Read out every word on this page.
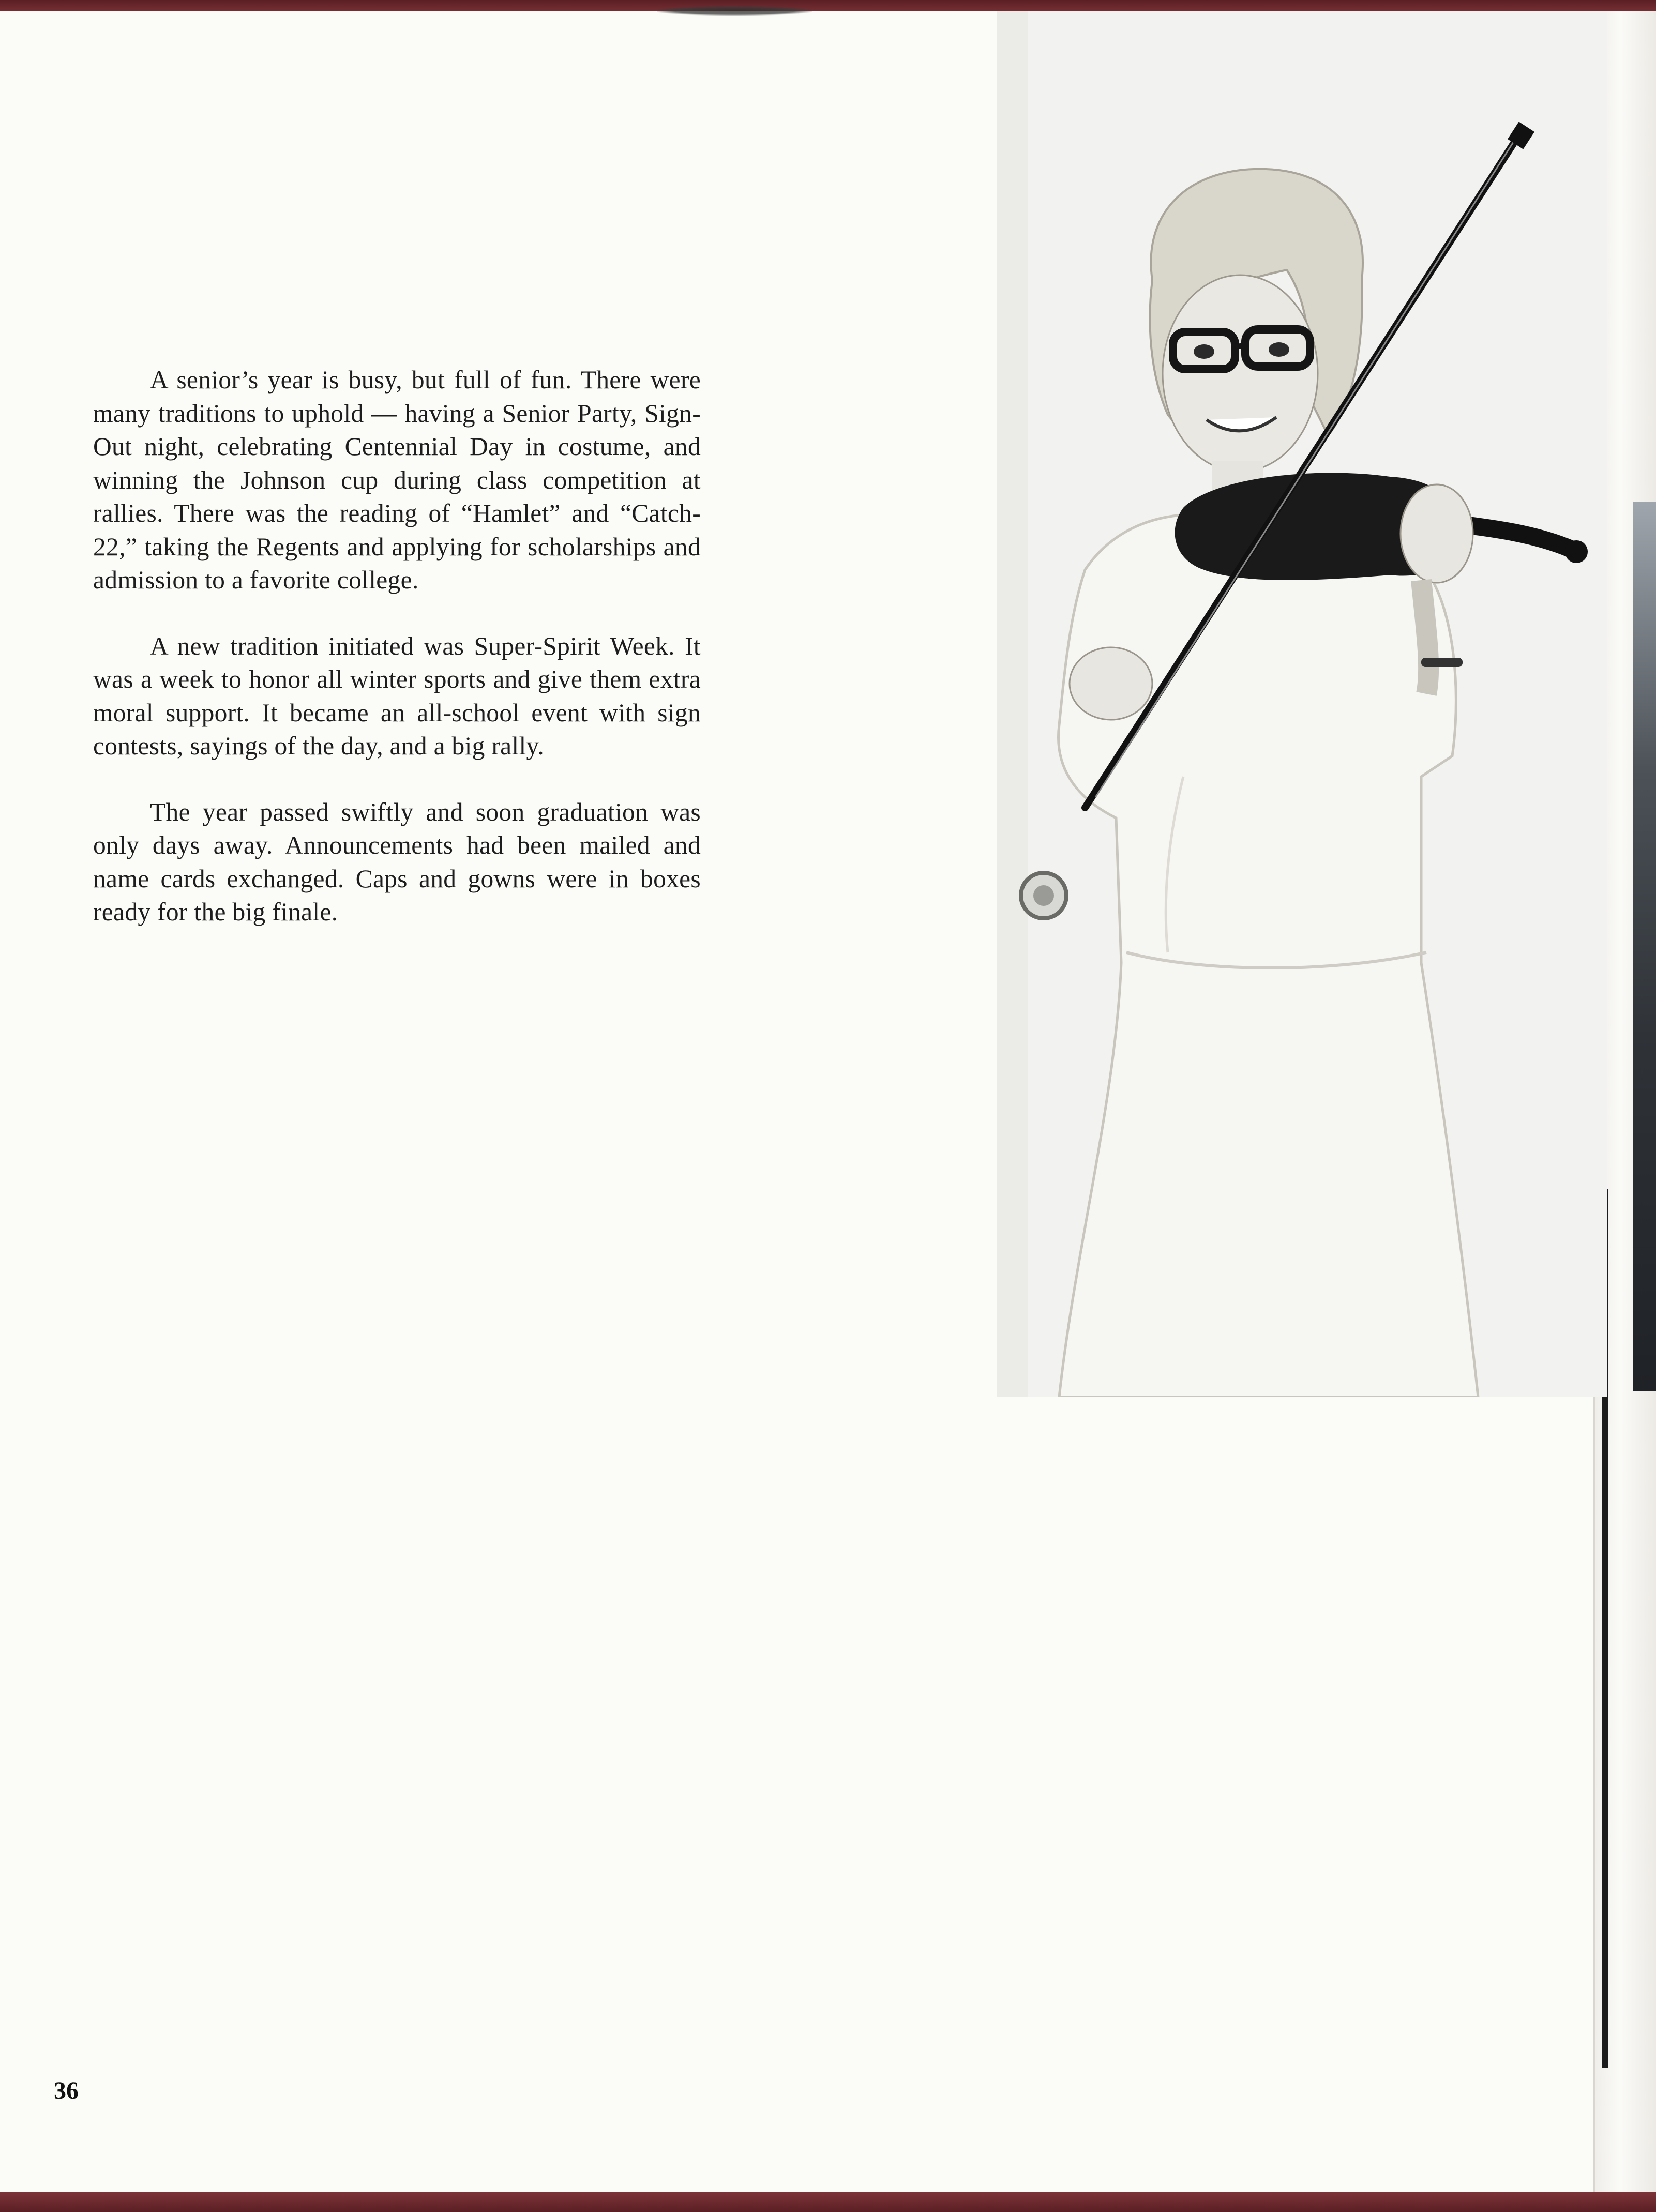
A senior’s year is busy, but full of fun. There were many traditions to uphold — having a Senior Party, Sign-Out night, celebrating Centennial Day in costume, and winning the Johnson cup during class competition at rallies. There was the reading of “Hamlet” and “Catch-22,” taking the Regents and applying for scholarships and admission to a favorite college.

A new tradition initiated was Super-Spirit Week. It was a week to honor all winter sports and give them extra moral support. It became an all-school event with sign contests, sayings of the day, and a big rally.

The year passed swiftly and soon graduation was only days away. Announcements had been mailed and name cards exchanged. Caps and gowns were in boxes ready for the big finale.

36
